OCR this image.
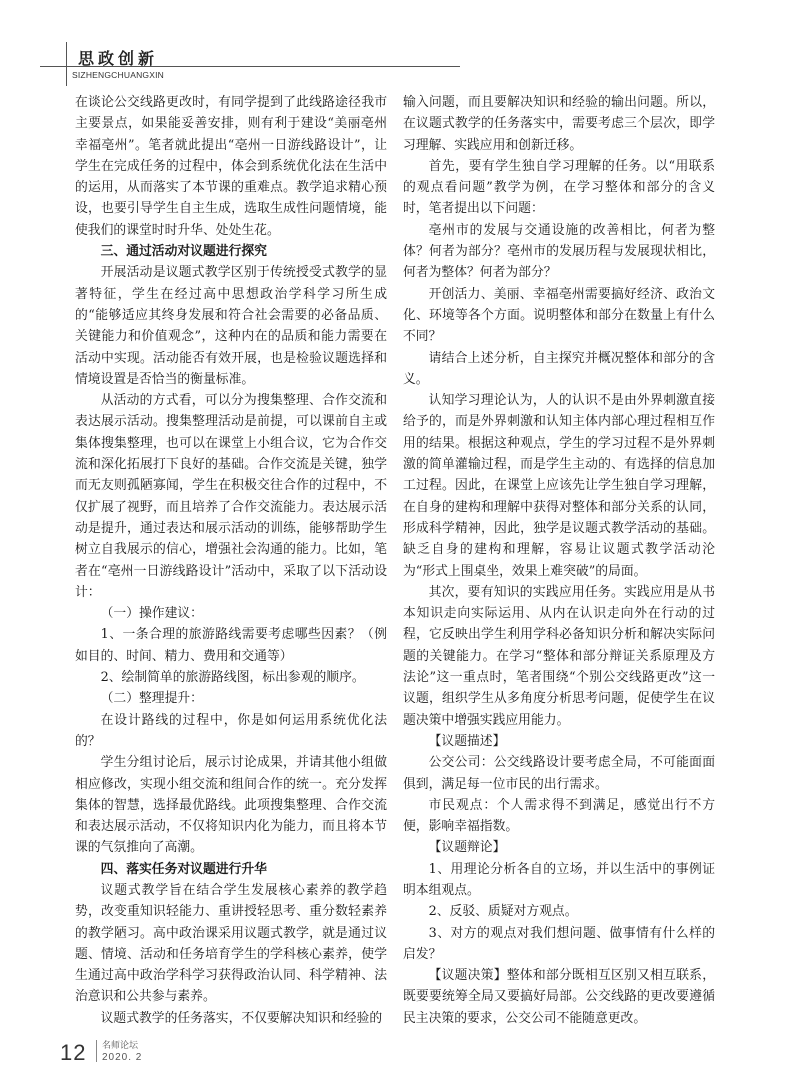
思政创新
SIZHENGCHUANGXIN

在谈论公交线路更改时，有同学提到了此线路途径我市主要景点，如果能妥善安排，则有利于建设“美丽亳州幸福亳州”。笔者就此提出“亳州一日游线路设计”，让学生在完成任务的过程中，体会到系统优化法在生活中的运用，从而落实了本节课的重难点。教学追求精心预设，也要引导学生自主生成，选取生成性问题情境，能使我们的课堂时时升华、处处生花。

三、通过活动对议题进行探究

开展活动是议题式教学区别于传统授受式教学的显著特征，学生在经过高中思想政治学科学习所生成的“能够适应其终身发展和符合社会需要的必备品质、关键能力和价值观念”，这种内在的品质和能力需要在活动中实现。活动能否有效开展，也是检验议题选择和情境设置是否恰当的衡量标准。

从活动的方式看，可以分为搜集整理、合作交流和表达展示活动。搜集整理活动是前提，可以课前自主或集体搜集整理，也可以在课堂上小组合议，它为合作交流和深化拓展打下良好的基础。合作交流是关键，独学而无友则孤陋寡闻，学生在积极交往合作的过程中，不仅扩展了视野，而且培养了合作交流能力。表达展示活动是提升，通过表达和展示活动的训练，能够帮助学生树立自我展示的信心，增强社会沟通的能力。比如，笔者在“亳州一日游线路设计”活动中，采取了以下活动设计：

（一）操作建议：

1、一条合理的旅游路线需要考虑哪些因素？（例如目的、时间、精力、费用和交通等）

2、绘制简单的旅游路线图，标出参观的顺序。

（二）整理提升：

在设计路线的过程中，你是如何运用系统优化法的？

学生分组讨论后，展示讨论成果，并请其他小组做相应修改，实现小组交流和组间合作的统一。充分发挥集体的智慧，选择最优路线。此项搜集整理、合作交流和表达展示活动，不仅将知识内化为能力，而且将本节课的气氛推向了高潮。

四、落实任务对议题进行升华

议题式教学旨在结合学生发展核心素养的教学趋势，改变重知识轻能力、重讲授轻思考、重分数轻素养的教学陋习。高中政治课采用议题式教学，就是通过议题、情境、活动和任务培育学生的学科核心素养，使学生通过高中政治学科学习获得政治认同、科学精神、法治意识和公共参与素养。

议题式教学的任务落实，不仅要解决知识和经验的

输入问题，而且要解决知识和经验的输出问题。所以，在议题式教学的任务落实中，需要考虑三个层次，即学习理解、实践应用和创新迁移。

首先，要有学生独自学习理解的任务。以“用联系的观点看问题”教学为例，在学习整体和部分的含义时，笔者提出以下问题：

亳州市的发展与交通设施的改善相比，何者为整体？何者为部分？亳州市的发展历程与发展现状相比，何者为整体？何者为部分？

开创活力、美丽、幸福亳州需要搞好经济、政治文化、环境等各个方面。说明整体和部分在数量上有什么不同？

请结合上述分析，自主探究并概况整体和部分的含义。

认知学习理论认为，人的认识不是由外界刺激直接给予的，而是外界刺激和认知主体内部心理过程相互作用的结果。根据这种观点，学生的学习过程不是外界刺激的简单灌输过程，而是学生主动的、有选择的信息加工过程。因此，在课堂上应该先让学生独自学习理解，在自身的建构和理解中获得对整体和部分关系的认同，形成科学精神，因此，独学是议题式教学活动的基础。缺乏自身的建构和理解，容易让议题式教学活动沦为“形式上围桌坐，效果上难突破”的局面。

其次，要有知识的实践应用任务。实践应用是从书本知识走向实际运用、从内在认识走向外在行动的过程，它反映出学生利用学科必备知识分析和解决实际问题的关键能力。在学习“整体和部分辩证关系原理及方法论”这一重点时，笔者围绕“个别公交线路更改”这一议题，组织学生从多角度分析思考问题，促使学生在议题决策中增强实践应用能力。

【议题描述】

公交公司：公交线路设计要考虑全局，不可能面面俱到，满足每一位市民的出行需求。

市民观点：个人需求得不到满足，感觉出行不方便，影响幸福指数。

【议题辩论】

1、用理论分析各自的立场，并以生活中的事例证明本组观点。

2、反驳、质疑对方观点。

3、对方的观点对我们想问题、做事情有什么样的启发？

【议题决策】整体和部分既相互区别又相互联系，既要要统筹全局又要搞好局部。公交线路的更改要遵循民主决策的要求，公交公司不能随意更改。

12 名师论坛
2020. 2
